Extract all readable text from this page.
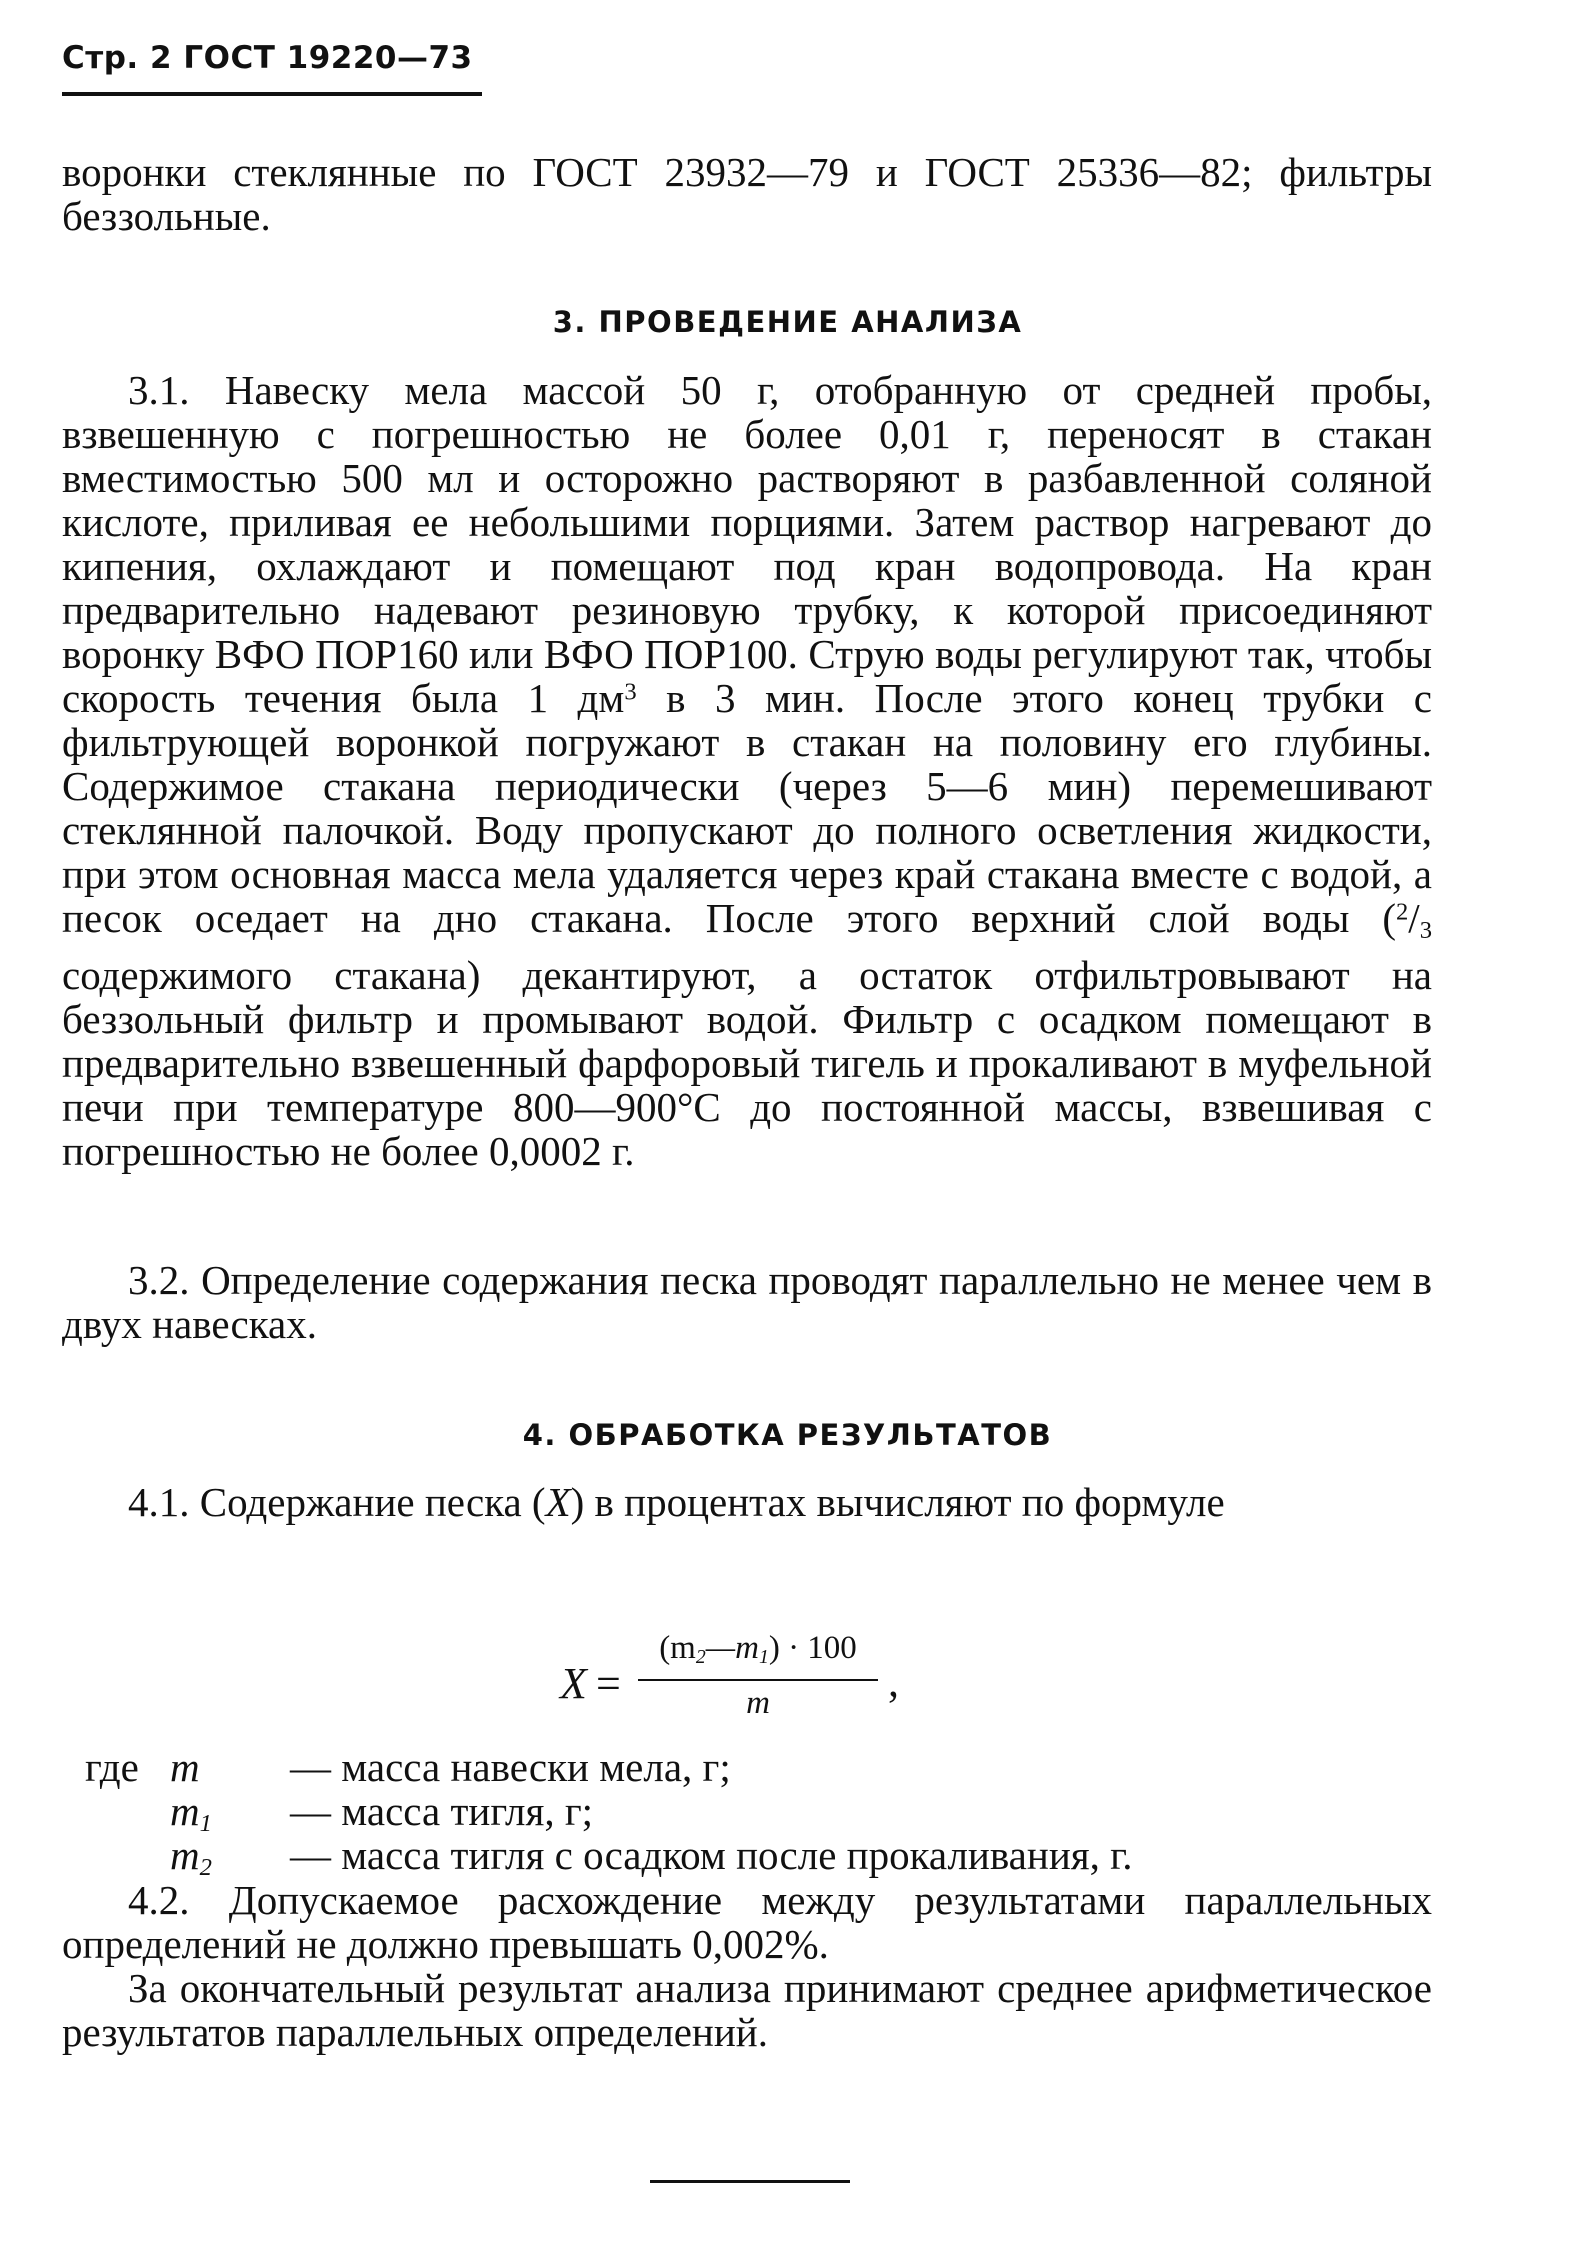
Стр. 2 ГОСТ 19220—73
воронки стеклянные по ГОСТ 23932—79 и ГОСТ 25336—82; фильтры беззольные.
3. ПРОВЕДЕНИЕ АНАЛИЗА
3.1. Навеску мела массой 50 г, отобранную от средней пробы, взвешенную с погрешностью не более 0,01 г, переносят в стакан вместимостью 500 мл и осторожно растворяют в разбавленной соляной кислоте, приливая ее небольшими порциями. Затем раствор нагревают до кипения, охлаждают и помещают под кран водопровода. На кран предварительно надевают резиновую трубку, к которой присоединяют воронку ВФО ПОР160 или ВФО ПОР100. Струю воды регулируют так, чтобы скорость течения была 1 $дм^3$ в 3 мин. После этого конец трубки с фильтрующей воронкой погружают в стакан на половину его глубины. Содержимое стакана периодически (через 5—6 мин) перемешивают стеклянной палочкой. Воду пропускают до полного осветления жидкости, при этом основная масса мела удаляется через край стакана вместе с водой, а песок оседает на дно стакана. После этого верхний слой воды ($^2/_3$ содержимого стакана) декантируют, а остаток отфильтровывают на беззольный фильтр и промывают водой. Фильтр с осадком помещают в предварительно взвешенный фарфоровый тигель и прокаливают в муфельной печи при температуре 800—900°C до постоянной массы, взвешивая с погрешностью не более 0,0002 г.
3.2. Определение содержания песка проводят параллельно не менее чем в двух навесках.
4. ОБРАБОТКА РЕЗУЛЬТАТОВ
4.1. Содержание песка (X) в процентах вычисляют по формуле
X =
$(m_2—m_1) \cdot 100$
m	,
где m — масса навески мела, г;
$m_1$ — масса тигля, г;
$m_2$ — масса тигля с осадком после прокаливания, г.
4.2. Допускаемое расхождение между результатами параллельных определений не должно превышать 0,002%.
За окончательный результат анализа принимают среднее арифметическое результатов параллельных определений.
